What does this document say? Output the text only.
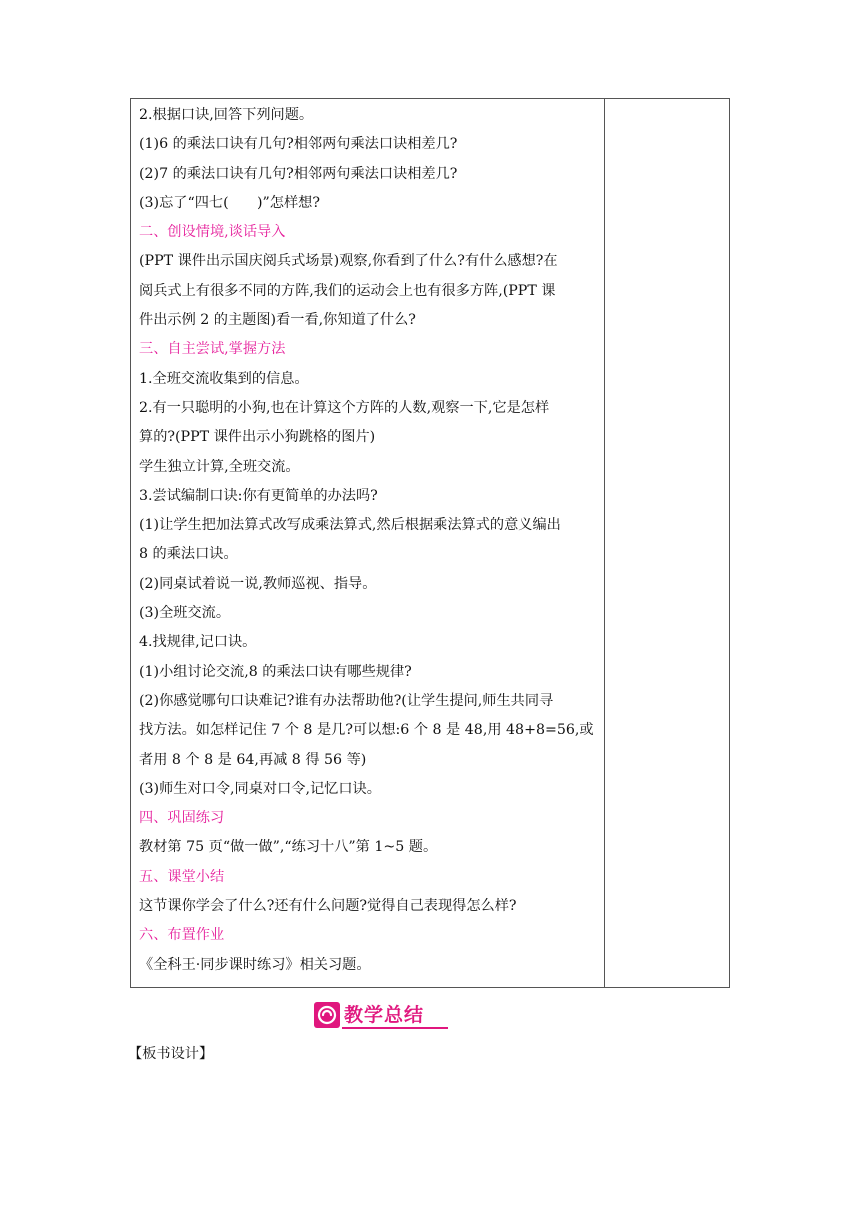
2.根据口诀,回答下列问题。
(1)6 的乘法口诀有几句?相邻两句乘法口诀相差几?
(2)7 的乘法口诀有几句?相邻两句乘法口诀相差几?
(3)忘了“四七(　　)”怎样想?
二、创设情境,谈话导入
(PPT 课件出示国庆阅兵式场景)观察,你看到了什么?有什么感想?在
阅兵式上有很多不同的方阵,我们的运动会上也有很多方阵,(PPT 课
件出示例 2 的主题图)看一看,你知道了什么?
三、自主尝试,掌握方法
1.全班交流收集到的信息。
2.有一只聪明的小狗,也在计算这个方阵的人数,观察一下,它是怎样
算的?(PPT 课件出示小狗跳格的图片)
学生独立计算,全班交流。
3.尝试编制口诀:你有更简单的办法吗?
(1)让学生把加法算式改写成乘法算式,然后根据乘法算式的意义编出
8 的乘法口诀。
(2)同桌试着说一说,教师巡视、指导。
(3)全班交流。
4.找规律,记口诀。
(1)小组讨论交流,8 的乘法口诀有哪些规律?
(2)你感觉哪句口诀难记?谁有办法帮助他?(让学生提问,师生共同寻
找方法。如怎样记住 7 个 8 是几?可以想:6 个 8 是 48,用 48+8=56,或
者用 8 个 8 是 64,再减 8 得 56 等)
(3)师生对口令,同桌对口令,记忆口诀。
四、巩固练习
教材第 75 页“做一做”,“练习十八”第 1~5 题。
五、课堂小结
这节课你学会了什么?还有什么问题?觉得自己表现得怎么样?
六、布置作业
《全科王·同步课时练习》相关习题。
教学总结
【板书设计】
